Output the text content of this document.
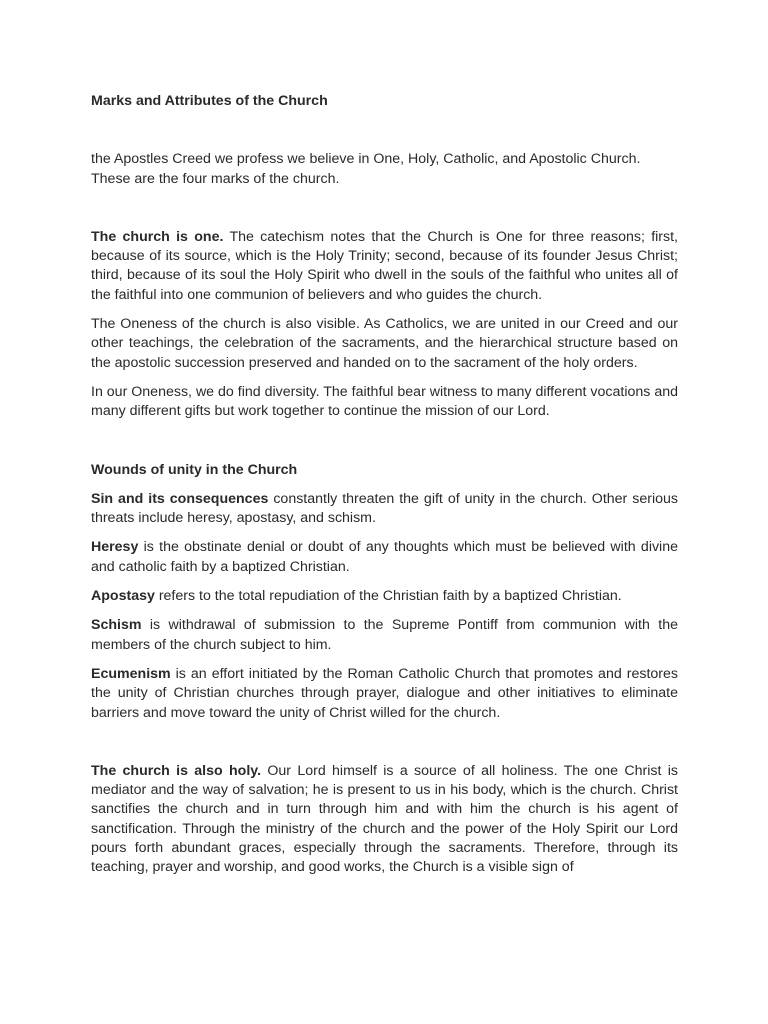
Marks and Attributes of the Church

the Apostles Creed we profess we believe in One, Holy, Catholic, and Apostolic Church. These are the four marks of the church.

The church is one. The catechism notes that the Church is One for three reasons; first, because of its source, which is the Holy Trinity; second, because of its founder Jesus Christ; third, because of its soul the Holy Spirit who dwell in the souls of the faithful who unites all of the faithful into one communion of believers and who guides the church.

The Oneness of the church is also visible. As Catholics, we are united in our Creed and our other teachings, the celebration of the sacraments, and the hierarchical structure based on the apostolic succession preserved and handed on to the sacrament of the holy orders.

In our Oneness, we do find diversity. The faithful bear witness to many different vocations and many different gifts but work together to continue the mission of our Lord.

Wounds of unity in the Church

Sin and its consequences constantly threaten the gift of unity in the church. Other serious threats include heresy, apostasy, and schism.

Heresy is the obstinate denial or doubt of any thoughts which must be believed with divine and catholic faith by a baptized Christian.

Apostasy refers to the total repudiation of the Christian faith by a baptized Christian.

Schism is withdrawal of submission to the Supreme Pontiff from communion with the members of the church subject to him.

Ecumenism is an effort initiated by the Roman Catholic Church that promotes and restores the unity of Christian churches through prayer, dialogue and other initiatives to eliminate barriers and move toward the unity of Christ willed for the church.

The church is also holy. Our Lord himself is a source of all holiness. The one Christ is mediator and the way of salvation; he is present to us in his body, which is the church. Christ sanctifies the church and in turn through him and with him the church is his agent of sanctification. Through the ministry of the church and the power of the Holy Spirit our Lord pours forth abundant graces, especially through the sacraments. Therefore, through its teaching, prayer and worship, and good works, the Church is a visible sign of
